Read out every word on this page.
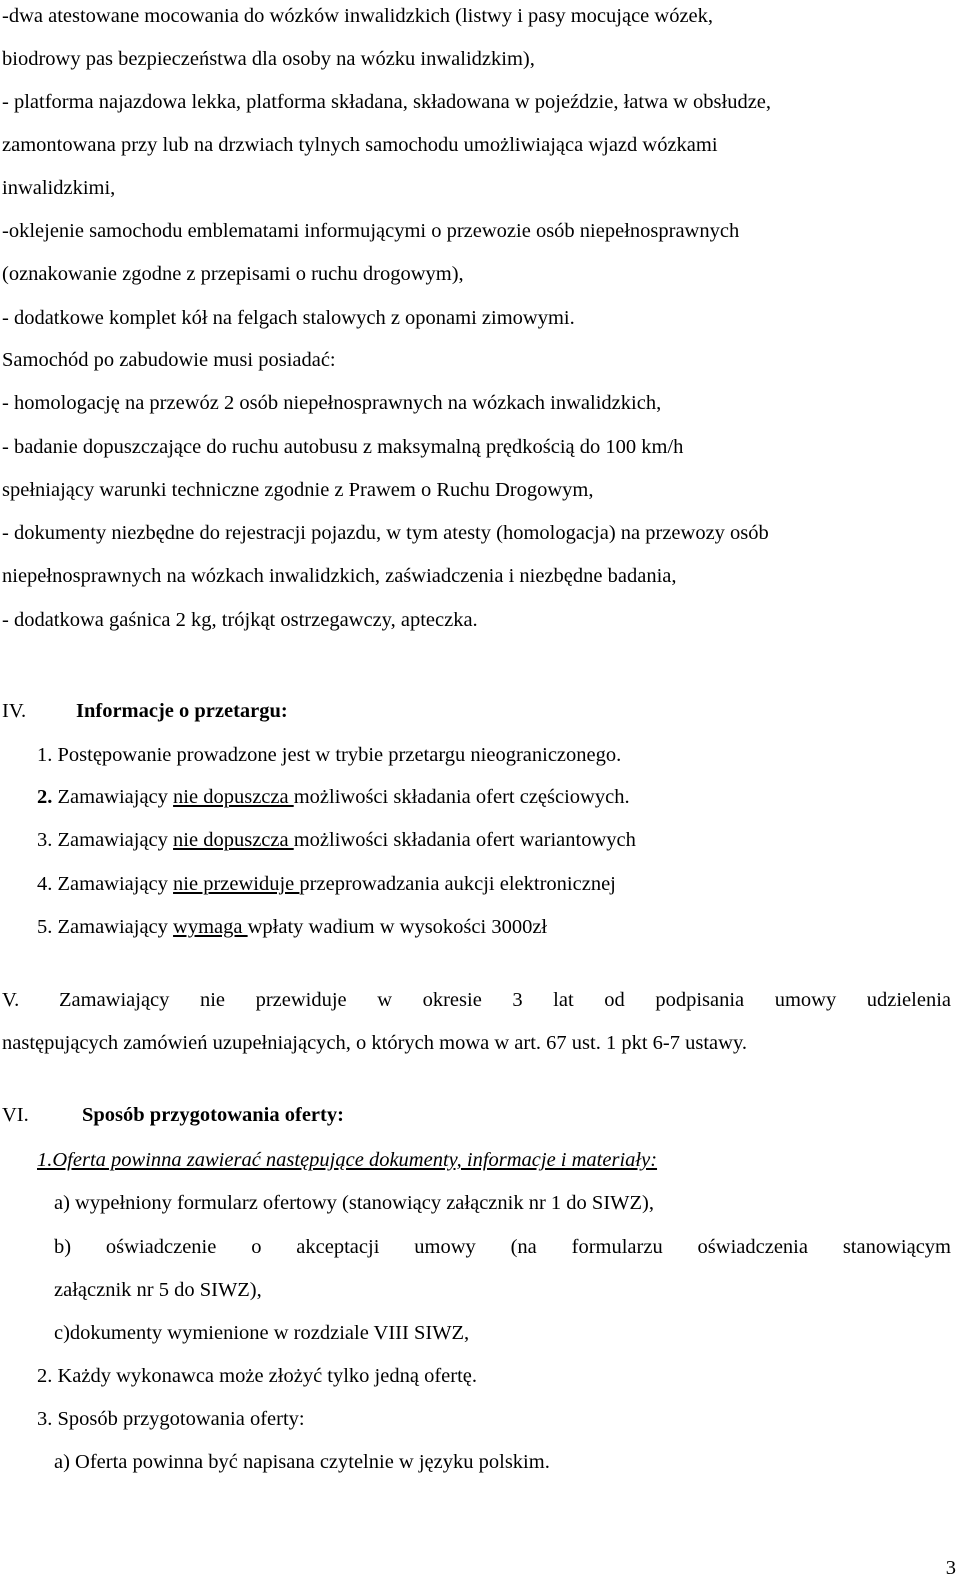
-dwa atestowane mocowania do wózków inwalidzkich (listwy i pasy mocujące wózek,
biodrowy pas bezpieczeństwa dla osoby na wózku inwalidzkim),
- platforma najazdowa lekka, platforma składana, składowana w pojeździe, łatwa w obsłudze,
zamontowana przy lub na drzwiach tylnych samochodu umożliwiająca wjazd wózkami
inwalidzkimi,
-oklejenie samochodu emblematami informującymi o przewozie osób niepełnosprawnych
(oznakowanie zgodne z przepisami o ruchu drogowym),
- dodatkowe komplet kół na felgach stalowych z oponami zimowymi.
Samochód po zabudowie musi posiadać:
- homologację na przewóz 2 osób niepełnosprawnych na wózkach inwalidzkich,
- badanie dopuszczające do ruchu autobusu z maksymalną prędkością do 100 km/h
spełniający warunki techniczne zgodnie z Prawem o Ruchu Drogowym,
- dokumenty niezbędne do rejestracji pojazdu, w tym atesty (homologacja) na przewozy osób
niepełnosprawnych na wózkach inwalidzkich, zaświadczenia i niezbędne badania,
- dodatkowa gaśnica 2 kg, trójkąt ostrzegawczy, apteczka.
IV. Informacje o przetargu:
1. Postępowanie prowadzone jest w trybie przetargu nieograniczonego.
2. Zamawiający nie dopuszcza możliwości składania ofert częściowych.
3. Zamawiający nie dopuszcza możliwości składania ofert wariantowych
4. Zamawiający nie przewiduje przeprowadzania aukcji elektronicznej
5. Zamawiający wymaga wpłaty wadium w wysokości 3000zł
V. Zamawiający nie przewiduje w okresie 3 lat od podpisania umowy udzielenia
następujących zamówień uzupełniających, o których mowa w art. 67 ust. 1 pkt 6-7 ustawy.
VI.	Sposób przygotowania oferty:
1.Oferta powinna zawierać następujące dokumenty, informacje i materiały:
a) wypełniony formularz ofertowy (stanowiący załącznik nr 1 do SIWZ),
b) oświadczenie o akceptacji umowy (na formularzu oświadczenia stanowiącym
załącznik nr 5 do SIWZ),
c)dokumenty wymienione w rozdziale VIII SIWZ,
2. Każdy wykonawca może złożyć tylko jedną ofertę.
3. Sposób przygotowania oferty:
a) Oferta powinna być napisana czytelnie w języku polskim.
3
